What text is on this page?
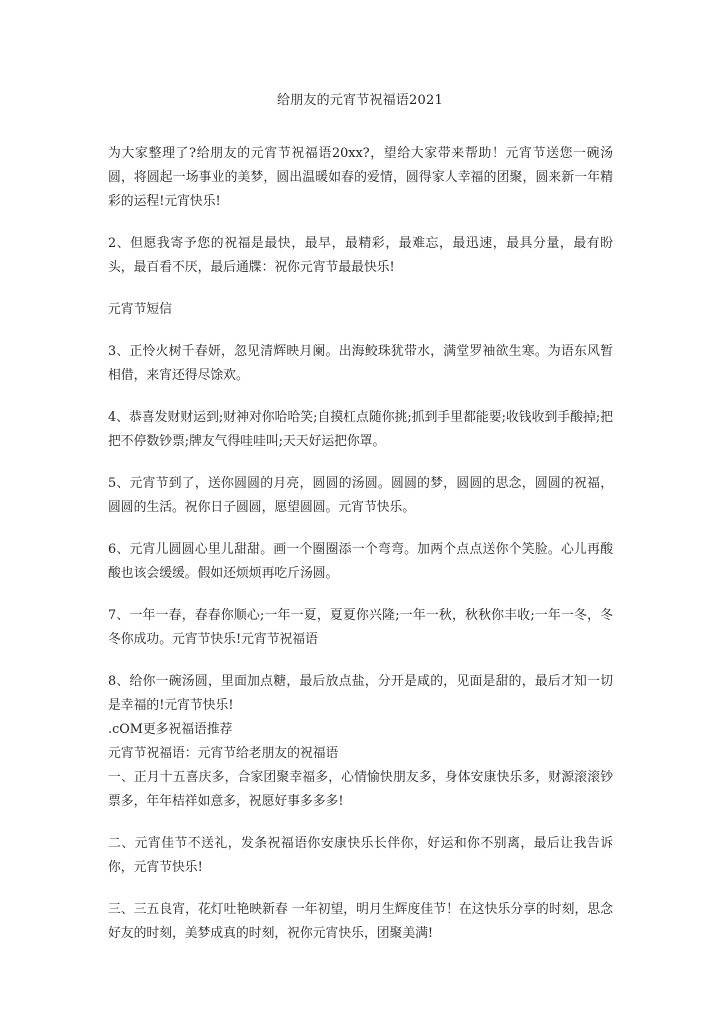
给朋友的元宵节祝福语2021

为大家整理了?给朋友的元宵节祝福语20xx?，望给大家带来帮助！元宵节送您一碗汤圆，将圆起一场事业的美梦，圆出温暖如春的爱情，圆得家人幸福的团聚，圆来新一年精彩的运程!元宵快乐!

2、但愿我寄予您的祝福是最快，最早，最精彩，最难忘，最迅速，最具分量，最有盼头，最百看不厌，最后通牒：祝你元宵节最最快乐!

元宵节短信

3、正怜火树千春妍，忽见清辉映月阑。出海鲛珠犹带水，满堂罗袖欲生寒。为语东风暂相借，来宵还得尽馀欢。

4、恭喜发财财运到;财神对你哈哈笑;自摸杠点随你挑;抓到手里都能要;收钱收到手酸掉;把把不停数钞票;牌友气得哇哇叫;天天好运把你罩。

5、元宵节到了，送你圆圆的月亮，圆圆的汤圆。圆圆的梦，圆圆的思念，圆圆的祝福，圆圆的生活。祝你日子圆圆，愿望圆圆。元宵节快乐。

6、元宵儿圆圆心里儿甜甜。画一个圈圈添一个弯弯。加两个点点送你个笑脸。心儿再酸酸也该会缓缓。假如还烦烦再吃斤汤圆。

7、一年一春，春春你顺心;一年一夏，夏夏你兴隆;一年一秋，秋秋你丰收;一年一冬，冬冬你成功。元宵节快乐!元宵节祝福语

8、给你一碗汤圆，里面加点糖，最后放点盐，分开是咸的，见面是甜的，最后才知一切是幸福的!元宵节快乐!

.cOM更多祝福语推荐

元宵节祝福语：元宵节给老朋友的祝福语

一、正月十五喜庆多，合家团聚幸福多，心情愉快朋友多，身体安康快乐多，财源滚滚钞票多，年年桔祥如意多，祝愿好事多多多!

二、元宵佳节不送礼，发条祝福语你安康快乐长伴你，好运和你不别离，最后让我告诉你，元宵节快乐!

三、三五良宵，花灯吐艳映新春 一年初望，明月生辉度佳节！在这快乐分享的时刻，思念好友的时刻，美梦成真的时刻，祝你元宵快乐，团聚美满!
